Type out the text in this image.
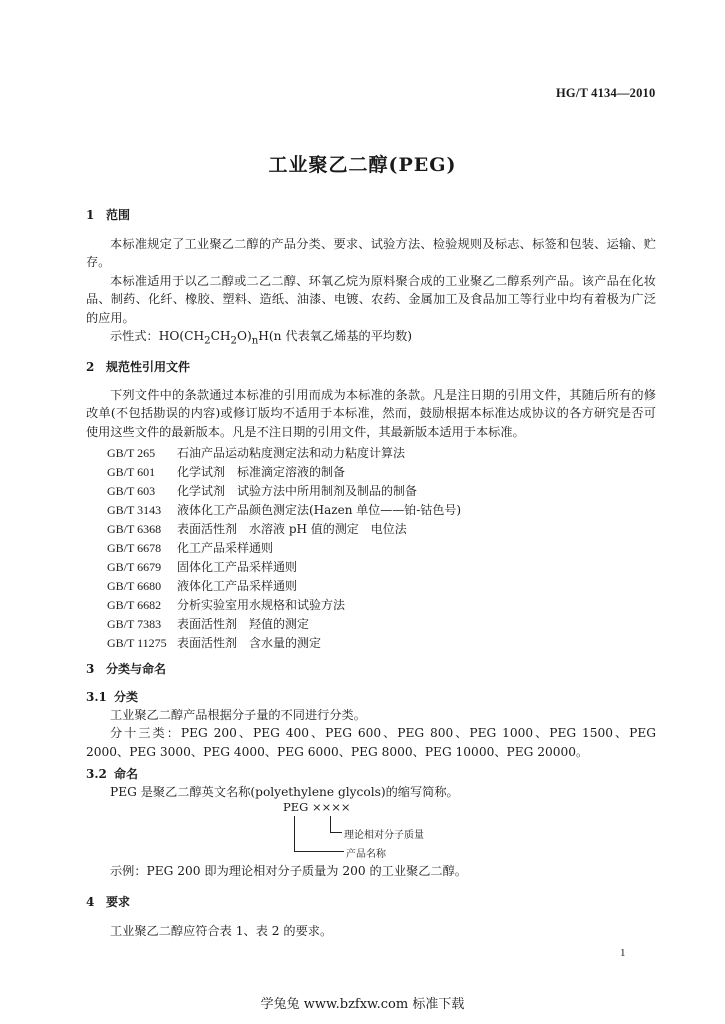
HG/T 4134—2010
工业聚乙二醇(PEG)
1 范围

本标准规定了工业聚乙二醇的产品分类、要求、试验方法、检验规则及标志、标签和包装、运输、贮存。

本标准适用于以乙二醇或二乙二醇、环氧乙烷为原料聚合成的工业聚乙二醇系列产品。该产品在化妆品、制药、化纤、橡胶、塑料、造纸、油漆、电镀、农药、金属加工及食品加工等行业中均有着极为广泛的应用。

示性式：$HO(CH_2CH_2O)_nH(n$ 代表氧乙烯基的平均数)

2 规范性引用文件

下列文件中的条款通过本标准的引用而成为本标准的条款。凡是注日期的引用文件，其随后所有的修改单(不包括勘误的内容)或修订版均不适用于本标准，然而，鼓励根据本标准达成协议的各方研究是否可使用这些文件的最新版本。凡是不注日期的引用文件，其最新版本适用于本标准。

GB/T 265 石油产品运动粘度测定法和动力粘度计算法
GB/T 601 化学试剂　标准滴定溶液的制备
GB/T 603 化学试剂　试验方法中所用制剂及制品的制备
GB/T 3143 液体化工产品颜色测定法(Hazen 单位——铂-钴色号)
GB/T 6368 表面活性剂　水溶液 pH 值的测定　电位法
GB/T 6678 化工产品采样通则
GB/T 6679 固体化工产品采样通则
GB/T 6680 液体化工产品采样通则
GB/T 6682 分析实验室用水规格和试验方法
GB/T 7383 表面活性剂　羟值的测定
GB/T 11275 表面活性剂　含水量的测定
3 分类与命名
3.1 分类

工业聚乙二醇产品根据分子量的不同进行分类。

分十三类：PEG 200、PEG 400、PEG 600、PEG 800、PEG 1000、PEG 1500、PEG 2000、PEG 3000、PEG 4000、PEG 6000、PEG 8000、PEG 10000、PEG 20000。

3.2 命名

PEG 是聚乙二醇英文名称(polyethylene glycols)的缩写简称。

PEG ××××
理论相对分子质量
产品名称

示例：PEG 200 即为理论相对分子质量为 200 的工业聚乙二醇。

4 要求

工业聚乙二醇应符合表 1、表 2 的要求。

1
学兔兔 www.bzfxw.com 标准下载
